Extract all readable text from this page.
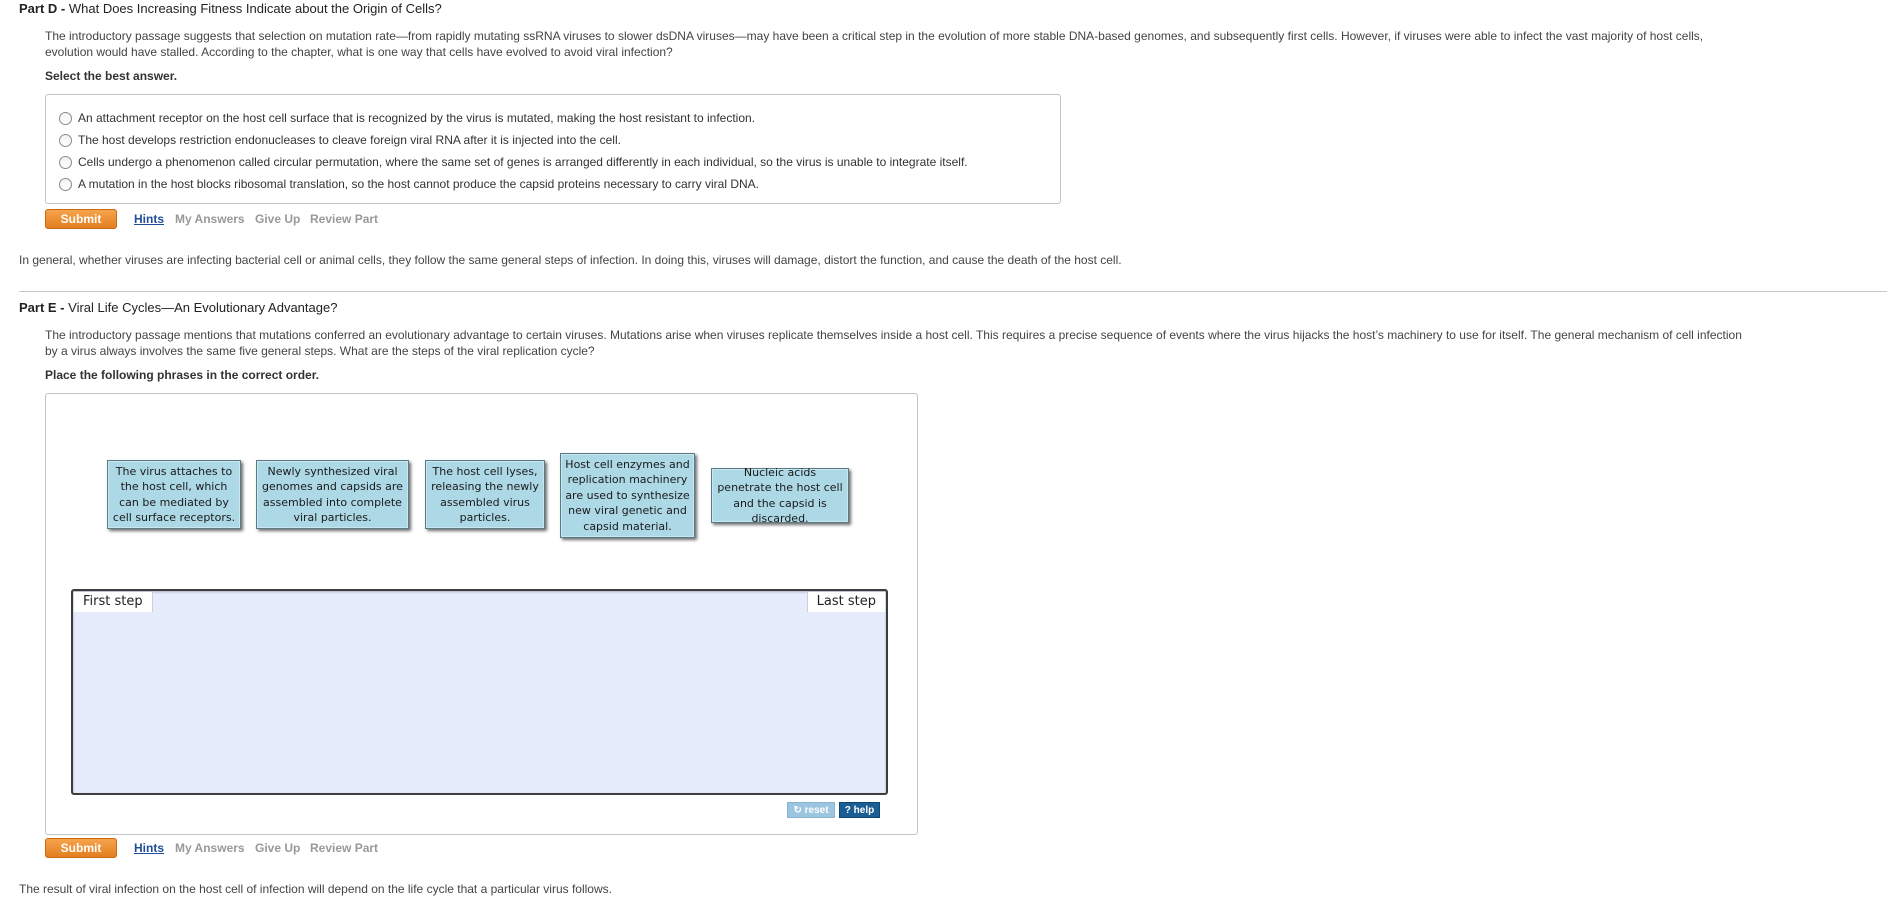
Part D - What Does Increasing Fitness Indicate about the Origin of Cells?
The introductory passage suggests that selection on mutation rate—from rapidly mutating ssRNA viruses to slower dsDNA viruses—may have been a critical step in the evolution of more stable DNA-based genomes, and subsequently first cells. However, if viruses were able to infect the vast majority of host cells,
evolution would have stalled. According to the chapter, what is one way that cells have evolved to avoid viral infection?
Select the best answer.
An attachment receptor on the host cell surface that is recognized by the virus is mutated, making the host resistant to infection.
The host develops restriction endonucleases to cleave foreign viral RNA after it is injected into the cell.
Cells undergo a phenomenon called circular permutation, where the same set of genes is arranged differently in each individual, so the virus is unable to integrate itself.
A mutation in the host blocks ribosomal translation, so the host cannot produce the capsid proteins necessary to carry viral DNA.
Submit	Hints My Answers Give Up Review Part
In general, whether viruses are infecting bacterial cell or animal cells, they follow the same general steps of infection. In doing this, viruses will damage, distort the function, and cause the death of the host cell.
Part E - Viral Life Cycles—An Evolutionary Advantage?
The introductory passage mentions that mutations conferred an evolutionary advantage to certain viruses. Mutations arise when viruses replicate themselves inside a host cell. This requires a precise sequence of events where the virus hijacks the host’s machinery to use for itself. The general mechanism of cell infection
by a virus always involves the same five general steps. What are the steps of the viral replication cycle?
Place the following phrases in the correct order.
The virus attaches to the host cell, which can be mediated by cell surface receptors.
Newly synthesized viral genomes and capsids are assembled into complete viral particles.
The host cell lyses, releasing the newly assembled virus particles.
Host cell enzymes and replication machinery are used to synthesize new viral genetic and capsid material.
Nucleic acids penetrate the host cell and the capsid is discarded.
First step	Last step
↻ reset	? help
Submit	Hints My Answers Give Up Review Part
The result of viral infection on the host cell of infection will depend on the life cycle that a particular virus follows.
